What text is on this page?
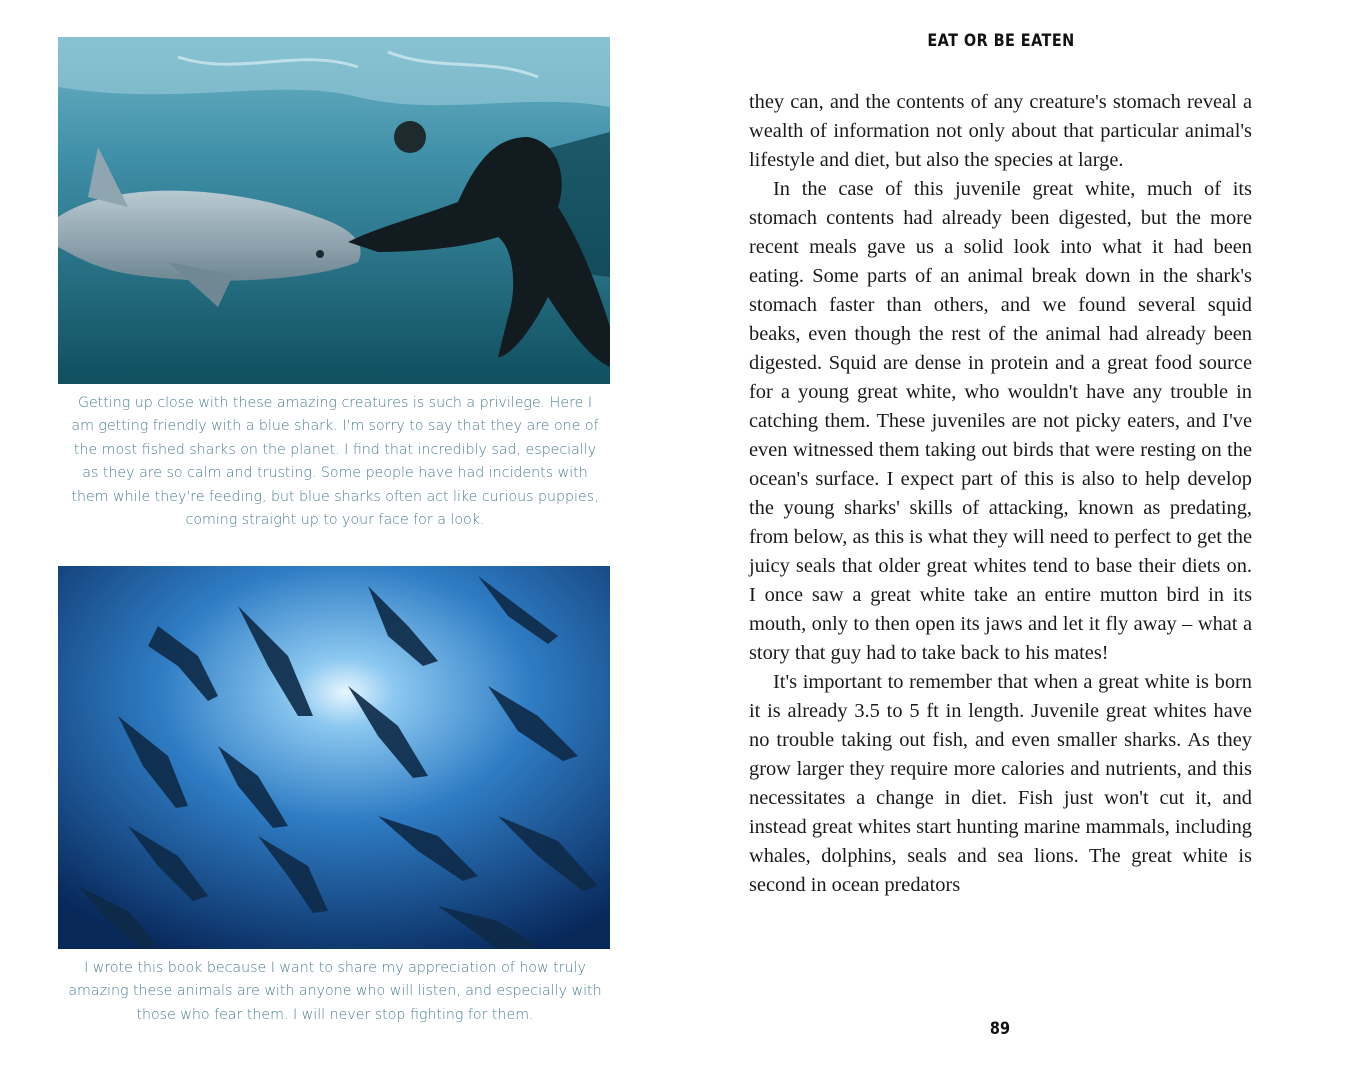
Getting up close with these amazing creatures is such a privilege. Here I am getting friendly with a blue shark. I'm sorry to say that they are one of the most fished sharks on the planet. I find that incredibly sad, especially as they are so calm and trusting. Some people have had incidents with them while they're feeding, but blue sharks often act like curious puppies, coming straight up to your face for a look.

I wrote this book because I want to share my appreciation of how truly amazing these animals are with anyone who will listen, and especially with those who fear them. I will never stop fighting for them.

EAT OR BE EATEN

they can, and the contents of any creature's stomach reveal a wealth of information not only about that particular animal's lifestyle and diet, but also the species at large.

In the case of this juvenile great white, much of its stomach contents had already been digested, but the more recent meals gave us a solid look into what it had been eating. Some parts of an animal break down in the shark's stomach faster than others, and we found several squid beaks, even though the rest of the animal had already been digested. Squid are dense in protein and a great food source for a young great white, who wouldn't have any trouble in catching them. These juveniles are not picky eaters, and I've even witnessed them taking out birds that were resting on the ocean's surface. I expect part of this is also to help develop the young sharks' skills of attacking, known as predating, from below, as this is what they will need to perfect to get the juicy seals that older great whites tend to base their diets on. I once saw a great white take an entire mutton bird in its mouth, only to then open its jaws and let it fly away – what a story that guy had to take back to his mates!

It's important to remember that when a great white is born it is already 3.5 to 5 ft in length. Juvenile great whites have no trouble taking out fish, and even smaller sharks. As they grow larger they require more calories and nutrients, and this necessitates a change in diet. Fish just won't cut it, and instead great whites start hunting marine mammals, including whales, dolphins, seals and sea lions. The great white is second in ocean predators

89
